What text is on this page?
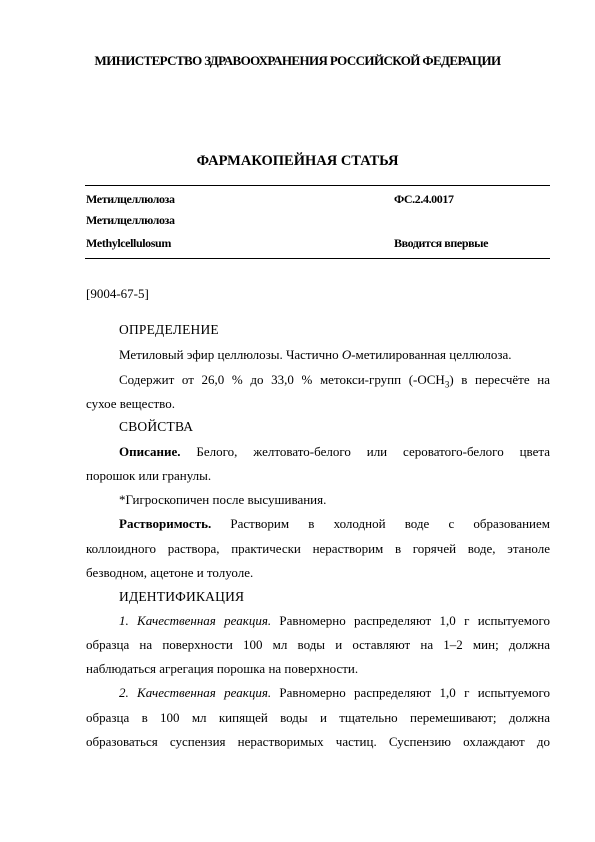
МИНИСТЕРСТВО ЗДРАВООХРАНЕНИЯ РОССИЙСКОЙ ФЕДЕРАЦИИ
ФАРМАКОПЕЙНАЯ СТАТЬЯ
Метилцеллюлоза	ФС.2.4.0017
Метилцеллюлоза
Methylcellulosum	Вводится впервые
[9004-67-5]
ОПРЕДЕЛЕНИЕ
Метиловый эфир целлюлозы. Частично O-метилированная целлюлоза.
Содержит от 26,0 % до 33,0 % метокси-групп $(-OCH_3)$ в пересчёте на
сухое вещество.
СВОЙСТВА
Описание. Белого, желтовато-белого или сероватого-белого цвета
порошок или гранулы.
*Гигроскопичен после высушивания.
Растворимость. Растворим в холодной воде с образованием
коллоидного раствора, практически нерастворим в горячей воде, этаноле
безводном, ацетоне и толуоле.
ИДЕНТИФИКАЦИЯ
1. Качественная реакция. Равномерно распределяют 1,0 г испытуемого
образца на поверхности 100 мл воды и оставляют на 1–2 мин; должна
наблюдаться агрегация порошка на поверхности.
2. Качественная реакция. Равномерно распределяют 1,0 г испытуемого
образца в 100 мл кипящей воды и тщательно перемешивают; должна
образоваться суспензия нерастворимых частиц. Суспензию охлаждают до
